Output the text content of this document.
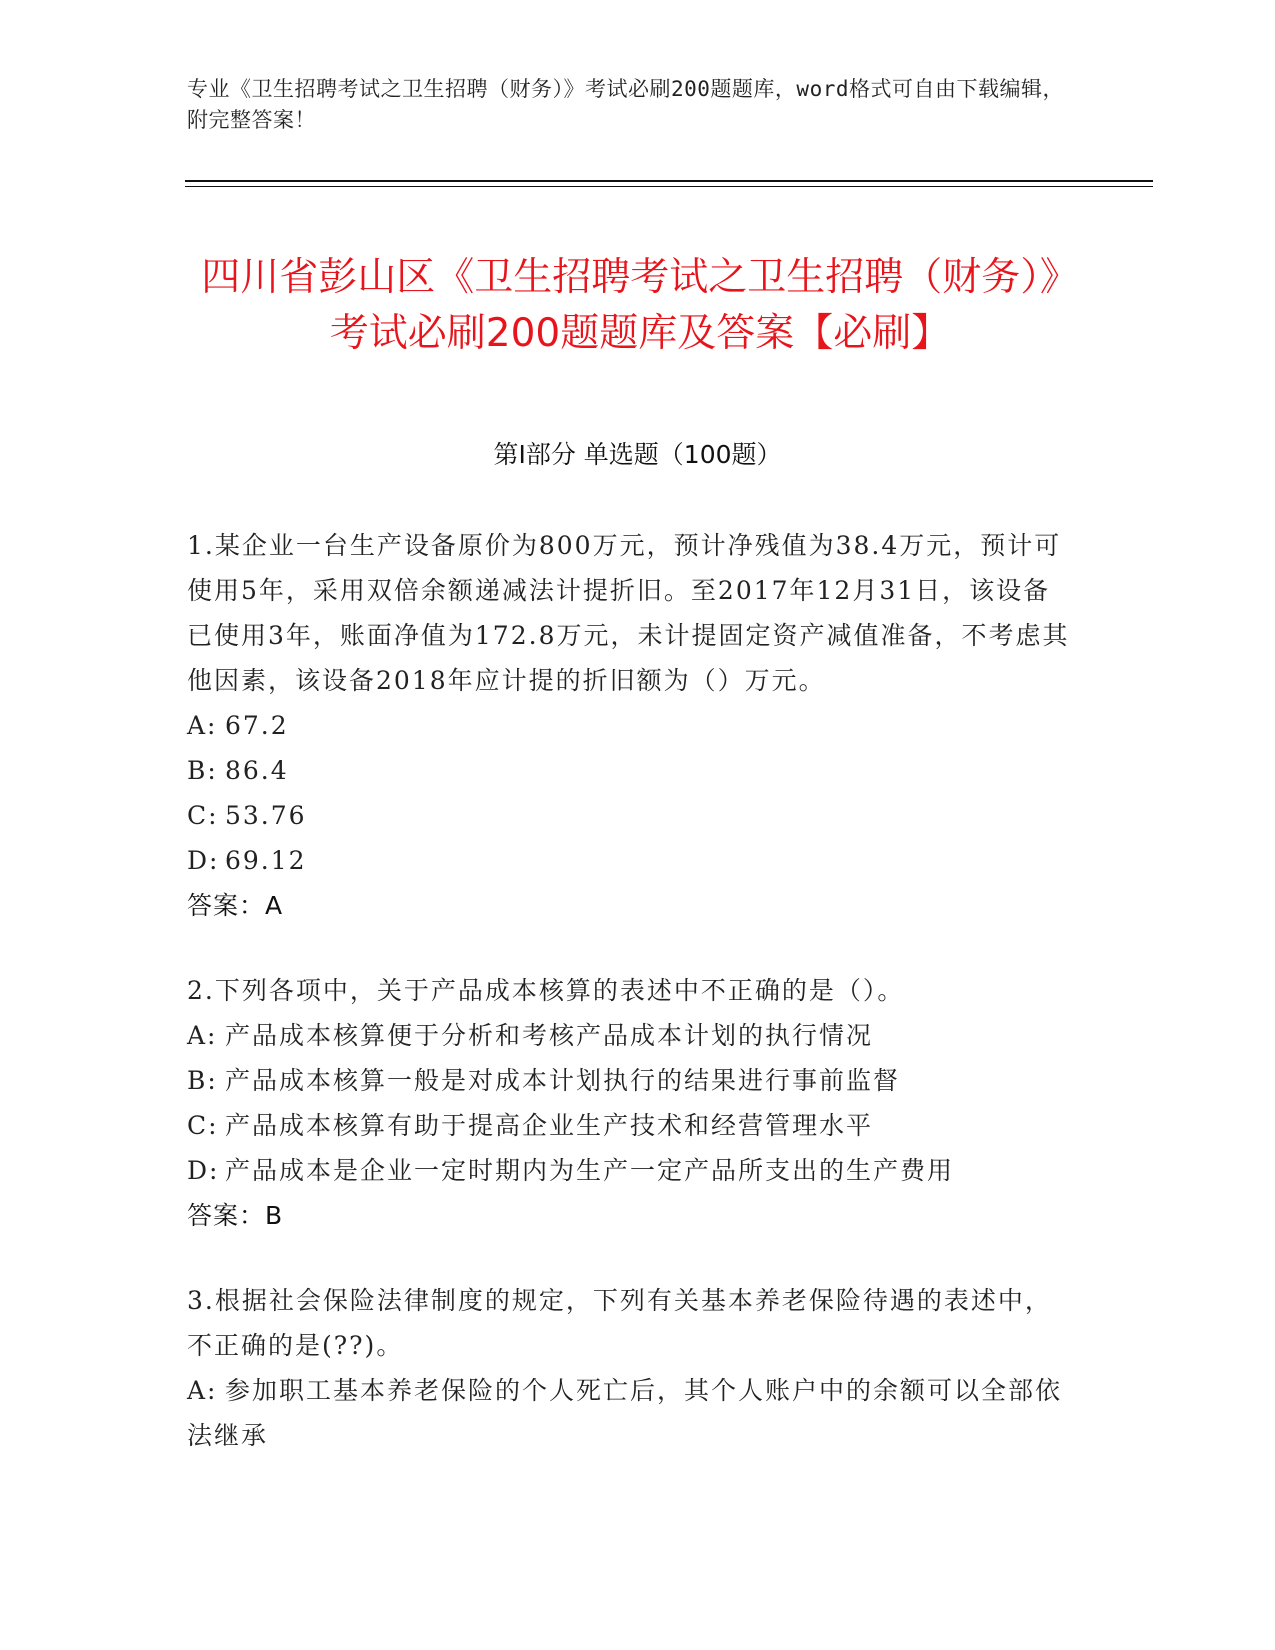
专业《卫生招聘考试之卫生招聘（财务）》考试必刷200题题库，word格式可自由下载编辑，附完整答案！
四川省彭山区《卫生招聘考试之卫生招聘（财务）》考试必刷200题题库及答案【必刷】
第Ⅰ部分 单选题（100题）
1.某企业一台生产设备原价为800万元，预计净残值为38.4万元，预计可使用5年，采用双倍余额递减法计提折旧。至2017年12月31日，该设备已使用3年，账面净值为172.8万元，未计提固定资产减值准备，不考虑其他因素，该设备2018年应计提的折旧额为（）万元。
A: 67.2
B: 86.4
C: 53.76
D: 69.12
答案：A
2.下列各项中，关于产品成本核算的表述中不正确的是（）。
A: 产品成本核算便于分析和考核产品成本计划的执行情况
B: 产品成本核算一般是对成本计划执行的结果进行事前监督
C: 产品成本核算有助于提高企业生产技术和经营管理水平
D: 产品成本是企业一定时期内为生产一定产品所支出的生产费用
答案：B
3.根据社会保险法律制度的规定，下列有关基本养老保险待遇的表述中，不正确的是(??)。
A: 参加职工基本养老保险的个人死亡后，其个人账户中的余额可以全部依法继承
